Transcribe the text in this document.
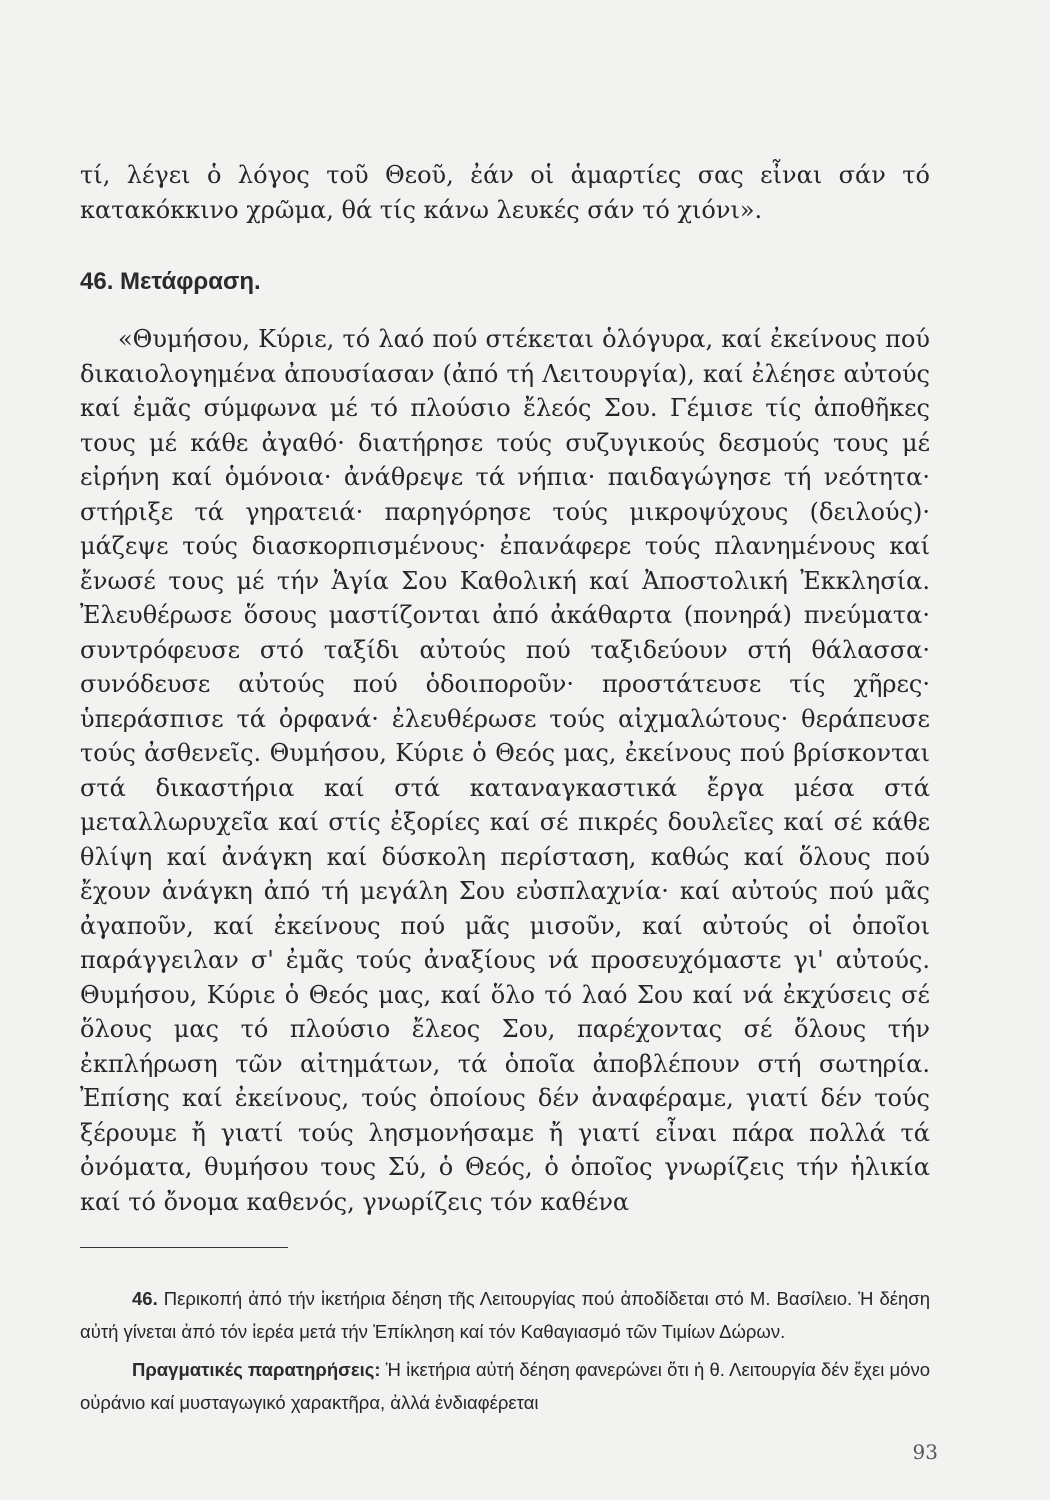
τί, λέγει ὁ λόγος τοῦ Θεοῦ, ἐάν οἱ ἁμαρτίες σας εἶναι σάν τό κατακόκκινο χρῶμα, θά τίς κάνω λευκές σάν τό χιόνι».

46. Μετάφραση.

«Θυμήσου, Κύριε, τό λαό πού στέκεται ὁλόγυρα, καί ἐκείνους πού δικαιολογημένα ἀπουσίασαν (ἀπό τή Λειτουργία), καί ἐλέησε αὐτούς καί ἐμᾶς σύμφωνα μέ τό πλούσιο ἔλεός Σου. Γέμισε τίς ἀποθῆκες τους μέ κάθε ἀγαθό· διατήρησε τούς συζυγικούς δεσμούς τους μέ εἰρήνη καί ὁμόνοια· ἀνάθρεψε τά νήπια· παιδαγώγησε τή νεότητα· στήριξε τά γηρατειά· παρηγόρησε τούς μικροψύχους (δειλούς)· μάζεψε τούς διασκορπισμένους· ἐπανάφερε τούς πλανημένους καί ἔνωσέ τους μέ τήν Ἁγία Σου Καθολική καί Ἀποστολική Ἐκκλησία. Ἐλευθέρωσε ὅσους μαστίζονται ἀπό ἀκάθαρτα (πονηρά) πνεύματα· συντρόφευσε στό ταξίδι αὐτούς πού ταξιδεύουν στή θάλασσα· συνόδευσε αὐτούς πού ὁδοιποροῦν· προστάτευσε τίς χῆρες· ὑπεράσπισε τά ὀρφανά· ἐλευθέρωσε τούς αἰχμαλώτους· θεράπευσε τούς ἀσθενεῖς. Θυμήσου, Κύριε ὁ Θεός μας, ἐκείνους πού βρίσκονται στά δικαστήρια καί στά καταναγκαστικά ἔργα μέσα στά μεταλλωρυχεῖα καί στίς ἐξορίες καί σέ πικρές δουλεῖες καί σέ κάθε θλίψη καί ἀνάγκη καί δύσκολη περίσταση, καθώς καί ὅλους πού ἔχουν ἀνάγκη ἀπό τή μεγάλη Σου εὐσπλαχνία· καί αὐτούς πού μᾶς ἀγαποῦν, καί ἐκείνους πού μᾶς μισοῦν, καί αὐτούς οἱ ὁποῖοι παράγγειλαν σ' ἐμᾶς τούς ἀναξίους νά προσευχόμαστε γι' αὐτούς. Θυμήσου, Κύριε ὁ Θεός μας, καί ὅλο τό λαό Σου καί νά ἐκχύσεις σέ ὅλους μας τό πλούσιο ἔλεος Σου, παρέχοντας σέ ὅλους τήν ἐκπλήρωση τῶν αἰτημάτων, τά ὁποῖα ἀποβλέπουν στή σωτηρία. Ἐπίσης καί ἐκείνους, τούς ὁποίους δέν ἀναφέραμε, γιατί δέν τούς ξέρουμε ἤ γιατί τούς λησμονήσαμε ἤ γιατί εἶναι πάρα πολλά τά ὀνόματα, θυμήσου τους Σύ, ὁ Θεός, ὁ ὁποῖος γνωρίζεις τήν ἡλικία καί τό ὄνομα καθενός, γνωρίζεις τόν καθένα

46. Περικοπή ἀπό τήν ἱκετήρια δέηση τῆς Λειτουργίας πού ἀποδίδεται στό Μ. Βασίλειο. Ἡ δέηση αὐτή γίνεται ἀπό τόν ἱερέα μετά τήν Ἐπίκληση καί τόν Καθαγιασμό τῶν Τιμίων Δώρων.

Πραγματικές παρατηρήσεις: Ἡ ἱκετήρια αὐτή δέηση φανερώνει ὅτι ἡ θ. Λειτουργία δέν ἔχει μόνο οὐράνιο καί μυσταγωγικό χαρακτῆρα, ἀλλά ἐνδιαφέρεται

93
